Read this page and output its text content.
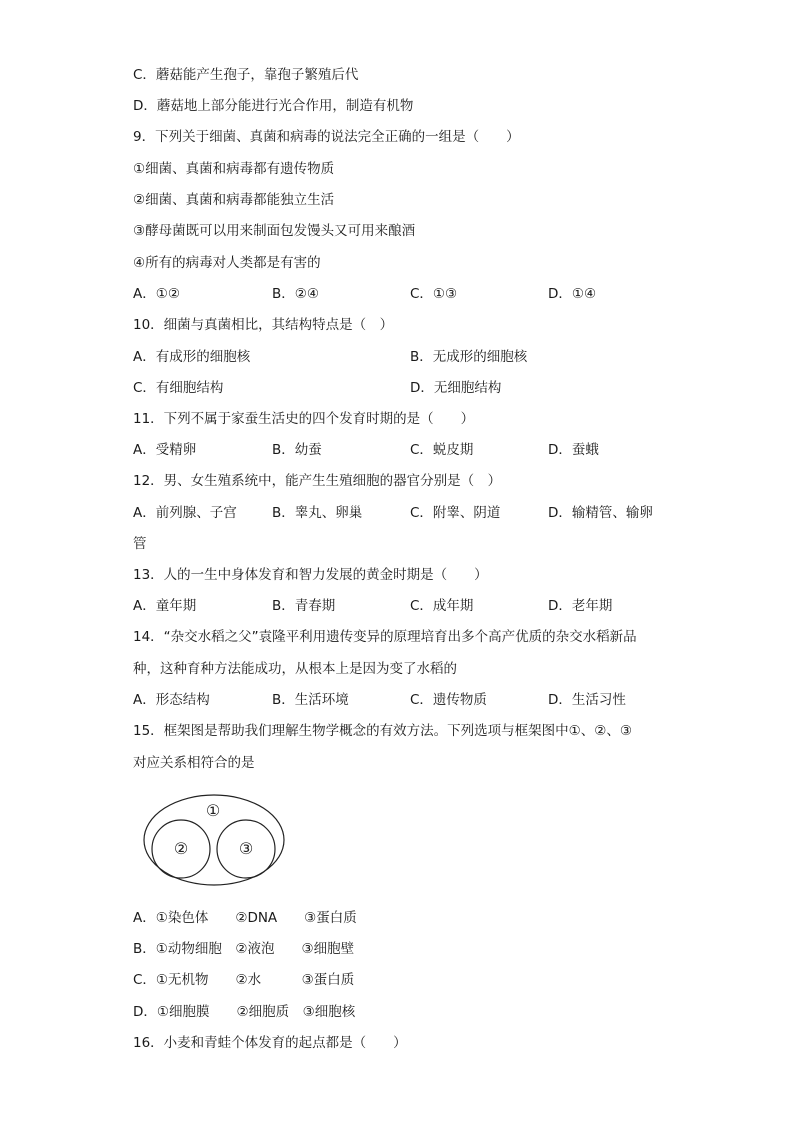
C．蘑菇能产生孢子，靠孢子繁殖后代
D．蘑菇地上部分能进行光合作用，制造有机物
9．下列关于细菌、真菌和病毒的说法完全正确的一组是（　　）
①细菌、真菌和病毒都有遗传物质
②细菌、真菌和病毒都能独立生活
③酵母菌既可以用来制面包发馒头又可用来酿酒
④所有的病毒对人类都是有害的
A．①②	B．②④	C．①③	D．①④
10．细菌与真菌相比，其结构特点是（　）
A．有成形的细胞核	B．无成形的细胞核
C．有细胞结构	D．无细胞结构
11．下列不属于家蚕生活史的四个发育时期的是（　　）
A．受精卵	B．幼蚕	C．蜕皮期	D．蚕蛾
12．男、女生殖系统中，能产生生殖细胞的器官分别是（　）
A．前列腺、子宫	B．睾丸、卵巢	C．附睾、阴道	D．输精管、输卵
管
13．人的一生中身体发育和智力发展的黄金时期是（　　）
A．童年期	B．青春期	C．成年期	D．老年期
14．“杂交水稻之父”袁隆平利用遗传变异的原理培育出多个高产优质的杂交水稻新品
种，这种育种方法能成功，从根本上是因为变了水稻的
A．形态结构	B．生活环境	C．遗传物质	D．生活习性
15．框架图是帮助我们理解生物学概念的有效方法。下列选项与框架图中①、②、③
对应关系相符合的是
①
②	③
A．①染色体　　②DNA　　③蛋白质
B．①动物细胞　②液泡　　③细胞壁
C．①无机物　　②水　　　③蛋白质
D．①细胞膜　　②细胞质　③细胞核
16．小麦和青蛙个体发育的起点都是（　　）
